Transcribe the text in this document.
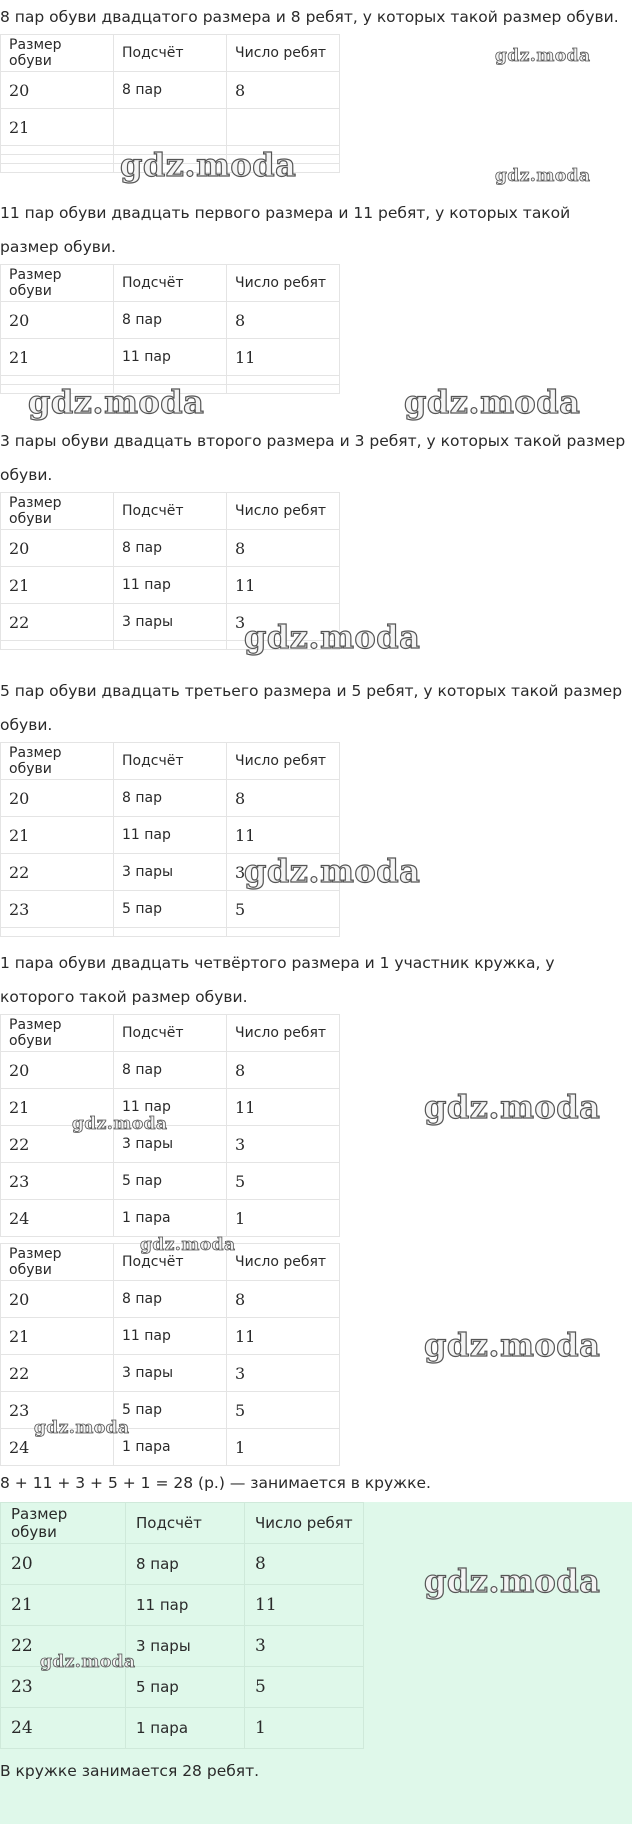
8 пар обуви двадцатого размера и 8 ребят, у которых такой размер обуви.
Размер обуви	Подсчёт	Число ребят
20	8 пар	8
21		

11 пар обуви двадцать первого размера и 11 ребят, у которых такой размер обуви.
Размер обуви	Подсчёт	Число ребят
20	8 пар	8
21	11 пар	11

3 пары обуви двадцать второго размера и 3 ребят, у которых такой размер обуви.
Размер обуви	Подсчёт	Число ребят
20	8 пар	8
21	11 пар	11
22	3 пары	3

5 пар обуви двадцать третьего размера и 5 ребят, у которых такой размер обуви.
Размер обуви	Подсчёт	Число ребят
20	8 пар	8
21	11 пар	11
22	3 пары	3
23	5 пар	5

1 пара обуви двадцать четвёртого размера и 1 участник кружка, у которого такой размер обуви.
Размер обуви	Подсчёт	Число ребят
20	8 пар	8
21	11 пар	11
22	3 пары	3
23	5 пар	5
24	1 пара	1
Размер обуви	Подсчёт	Число ребят
20	8 пар	8
21	11 пар	11
22	3 пары	3
23	5 пар	5
24	1 пара	1
8 + 11 + 3 + 5 + 1 = 28 (р.) — занимается в кружке.
Размер обуви	Подсчёт	Число ребят
20	8 пар	8
21	11 пар	11
22	3 пары	3
23	5 пар	5
24	1 пара	1
В кружке занимается 28 ребят.
gdz.moda
gdz.moda	gdz.moda
gdz.moda	gdz.moda
gdz.moda
gdz.moda
gdz.moda
gdz.moda
gdz.moda
gdz.moda
gdz.moda
gdz.moda
gdz.moda
